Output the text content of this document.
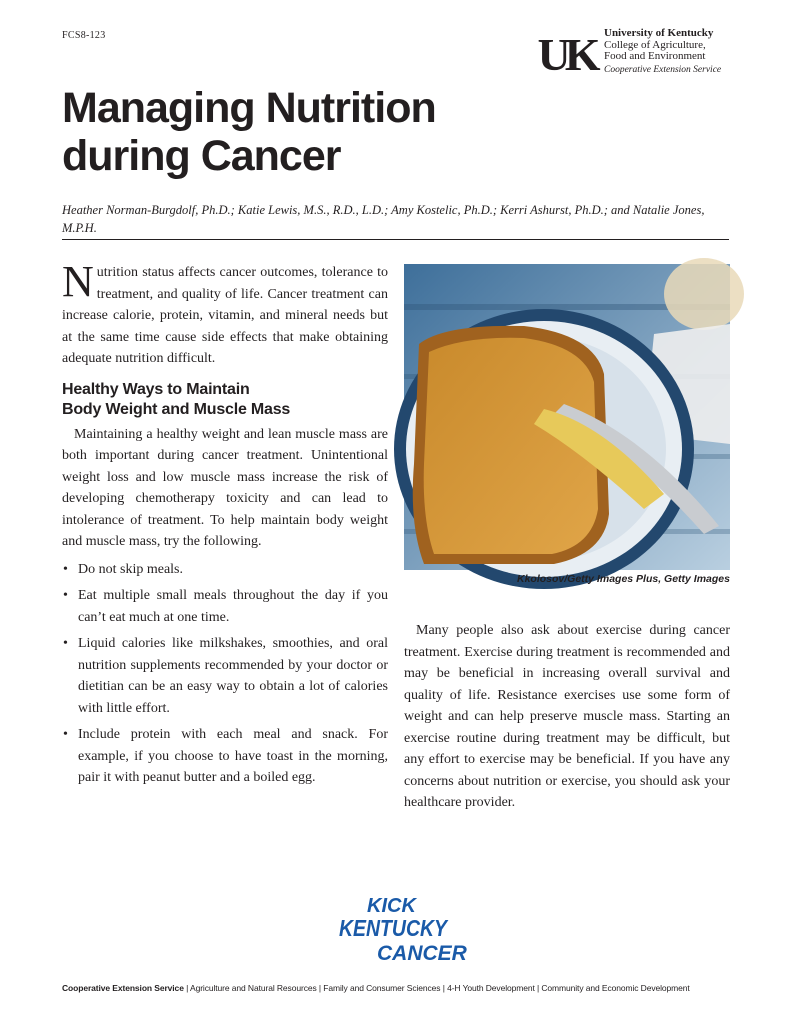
FCS8-123	UK University of Kentucky
College of Agriculture,
Food and Environment
Cooperative Extension Service
Managing Nutrition
during Cancer
Heather Norman-Burgdolf, Ph.D.; Katie Lewis, M.S., R.D., L.D.; Amy Kostelic, Ph.D.; Kerri Ashurst, Ph.D.; and Natalie Jones, M.P.H.

Nutrition status affects cancer outcomes, tolerance to treatment, and quality of life. Cancer treatment can increase calorie, protein, vitamin, and mineral needs but at the same time cause side effects that make obtaining adequate nutrition difficult.

Healthy Ways to Maintain
Body Weight and Muscle Mass

Maintaining a healthy weight and lean muscle mass are both important during cancer treatment. Unintentional weight loss and low muscle mass increase the risk of developing chemotherapy toxicity and can lead to intolerance of treatment. To help maintain body weight and muscle mass, try the following.

• Do not skip meals.
• Eat multiple small meals throughout the day if you can’t eat much at one time.
• Liquid calories like milkshakes, smoothies, and oral nutrition supplements recommended by your doctor or dietitian can be an easy way to obtain a lot of calories with little effort.
• Include protein with each meal and snack. For example, if you choose to have toast in the morning, pair it with peanut butter and a boiled egg.
Kkolosov/Getty Images Plus, Getty Images

Many people also ask about exercise during cancer treatment. Exercise during treatment is recommended and may be beneficial in increasing overall survival and quality of life. Resistance exercises use some form of weight and can help preserve muscle mass. Starting an exercise routine during treatment may be difficult, but any effort to exercise may be beneficial. If you have any concerns about nutrition or exercise, you should ask your healthcare provider.

KICK
KENTUCKY
CANCER
Cooperative Extension Service | Agriculture and Natural Resources | Family and Consumer Sciences | 4-H Youth Development | Community and Economic Development
